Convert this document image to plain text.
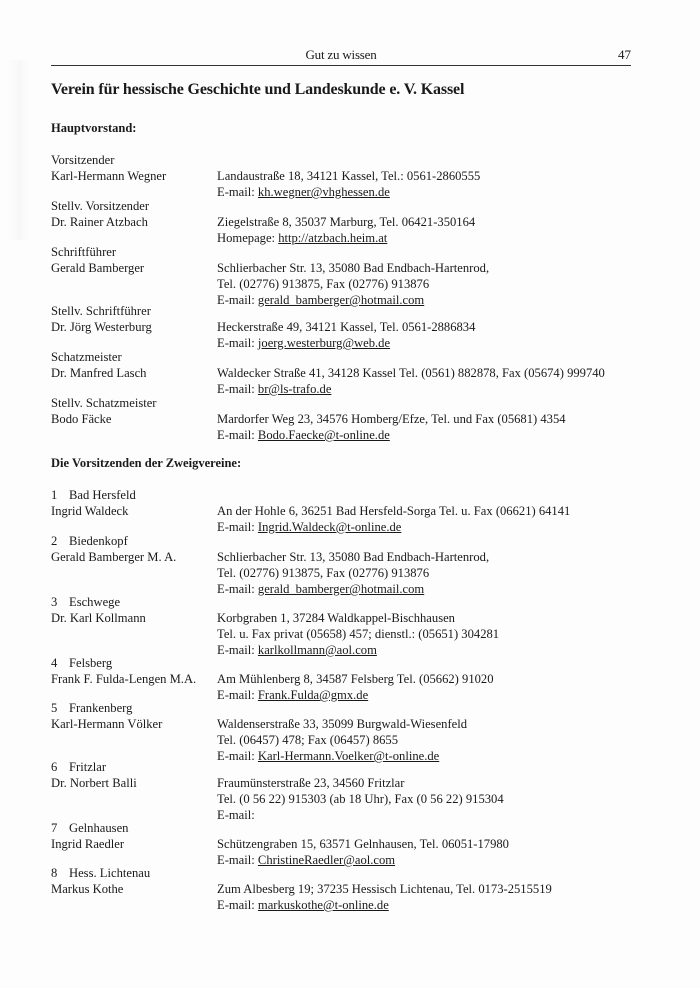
Gut zu wissen	47
Verein für hessische Geschichte und Landeskunde e. V. Kassel
Hauptvorstand:
Vorsitzender
Karl-Hermann Wegner	Landaustraße 18, 34121 Kassel, Tel.: 0561-2860555
E-mail: kh.wegner@vhghessen.de
Stellv. Vorsitzender
Dr. Rainer Atzbach	Ziegelstraße 8, 35037 Marburg, Tel. 06421-350164
Homepage: http://atzbach.heim.at
Schriftführer
Gerald Bamberger	Schlierbacher Str. 13, 35080 Bad Endbach-Hartenrod,
Tel. (02776) 913875, Fax (02776) 913876
E-mail: gerald_bamberger@hotmail.com
Stellv. Schriftführer
Dr. Jörg Westerburg	Heckerstraße 49, 34121 Kassel, Tel. 0561-2886834
E-mail: joerg.westerburg@web.de
Schatzmeister
Dr. Manfred Lasch	Waldecker Straße 41, 34128 Kassel Tel. (0561) 882878, Fax (05674) 999740
E-mail: br@ls-trafo.de
Stellv. Schatzmeister
Bodo Fäcke	Mardorfer Weg 23, 34576 Homberg/Efze, Tel. und Fax (05681) 4354
E-mail: Bodo.Faecke@t-online.de
Die Vorsitzenden der Zweigvereine:
1 Bad Hersfeld
Ingrid Waldeck	An der Hohle 6, 36251 Bad Hersfeld-Sorga Tel. u. Fax (06621) 64141
E-mail: Ingrid.Waldeck@t-online.de
2 Biedenkopf
Gerald Bamberger M. A.	Schlierbacher Str. 13, 35080 Bad Endbach-Hartenrod,
Tel. (02776) 913875, Fax (02776) 913876
E-mail: gerald_bamberger@hotmail.com
3 Eschwege
Dr. Karl Kollmann	Korbgraben 1, 37284 Waldkappel-Bischhausen
Tel. u. Fax privat (05658) 457; dienstl.: (05651) 304281
E-mail: karlkollmann@aol.com
4 Felsberg
Frank F. Fulda-Lengen M.A.	Am Mühlenberg 8, 34587 Felsberg Tel. (05662) 91020
E-mail: Frank.Fulda@gmx.de
5 Frankenberg
Karl-Hermann Völker	Waldenserstraße 33, 35099 Burgwald-Wiesenfeld
Tel. (06457) 478; Fax (06457) 8655
E-mail: Karl-Hermann.Voelker@t-online.de
6 Fritzlar
Dr. Norbert Balli	Fraumünsterstraße 23, 34560 Fritzlar
Tel. (0 56 22) 915303 (ab 18 Uhr), Fax (0 56 22) 915304
E-mail:
7 Gelnhausen
Ingrid Raedler	Schützengraben 15, 63571 Gelnhausen, Tel. 06051-17980
E-mail: ChristineRaedler@aol.com
8 Hess. Lichtenau
Markus Kothe	Zum Albesberg 19; 37235 Hessisch Lichtenau, Tel. 0173-2515519
E-mail: markuskothe@t-online.de
